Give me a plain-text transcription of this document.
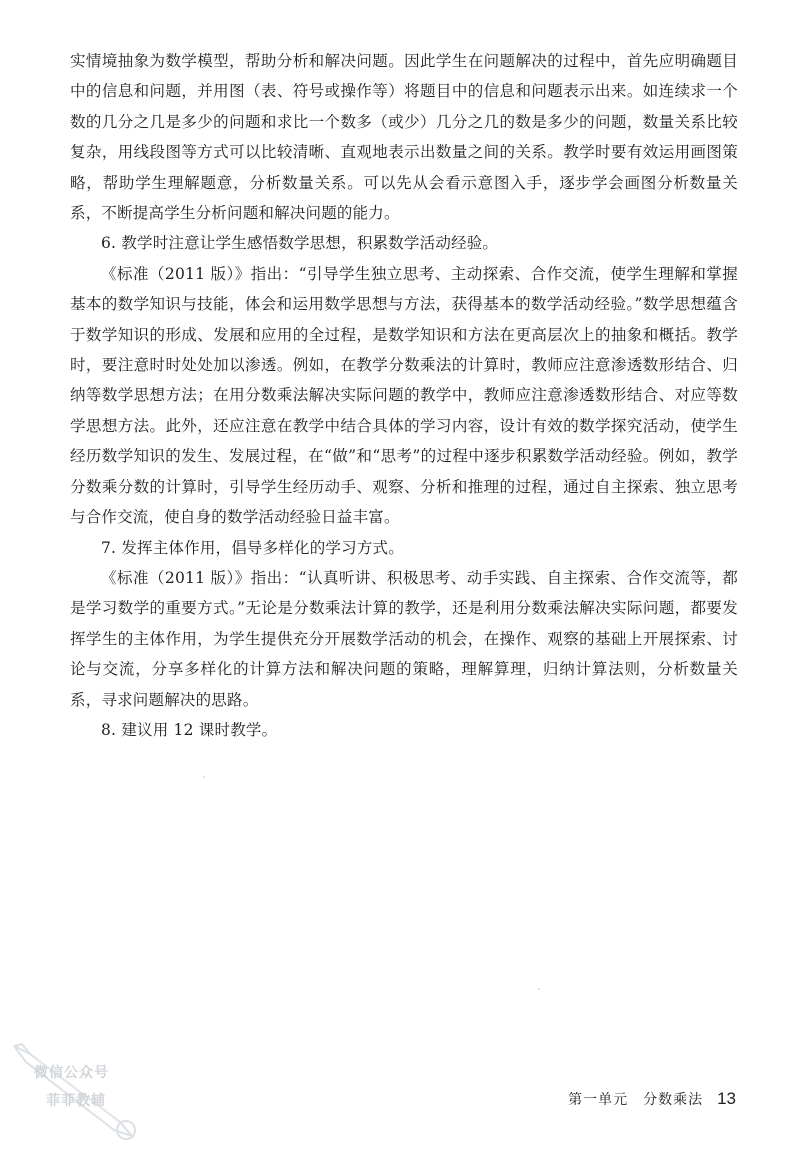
实情境抽象为数学模型，帮助分析和解决问题。因此学生在问题解决的过程中，首先应明确题目中的信息和问题，并用图（表、符号或操作等）将题目中的信息和问题表示出来。如连续求一个数的几分之几是多少的问题和求比一个数多（或少）几分之几的数是多少的问题，数量关系比较复杂，用线段图等方式可以比较清晰、直观地表示出数量之间的关系。教学时要有效运用画图策略，帮助学生理解题意，分析数量关系。可以先从会看示意图入手，逐步学会画图分析数量关系，不断提高学生分析问题和解决问题的能力。

6. 教学时注意让学生感悟数学思想，积累数学活动经验。

《标准（2011 版）》指出：“引导学生独立思考、主动探索、合作交流，使学生理解和掌握基本的数学知识与技能，体会和运用数学思想与方法，获得基本的数学活动经验。”数学思想蕴含于数学知识的形成、发展和应用的全过程，是数学知识和方法在更高层次上的抽象和概括。教学时，要注意时时处处加以渗透。例如，在教学分数乘法的计算时，教师应注意渗透数形结合、归纳等数学思想方法；在用分数乘法解决实际问题的教学中，教师应注意渗透数形结合、对应等数学思想方法。此外，还应注意在教学中结合具体的学习内容，设计有效的数学探究活动，使学生经历数学知识的发生、发展过程，在“做”和“思考”的过程中逐步积累数学活动经验。例如，教学分数乘分数的计算时，引导学生经历动手、观察、分析和推理的过程，通过自主探索、独立思考与合作交流，使自身的数学活动经验日益丰富。

7. 发挥主体作用，倡导多样化的学习方式。

《标准（2011 版）》指出：“认真听讲、积极思考、动手实践、自主探索、合作交流等，都是学习数学的重要方式。”无论是分数乘法计算的教学，还是利用分数乘法解决实际问题，都要发挥学生的主体作用，为学生提供充分开展数学活动的机会，在操作、观察的基础上开展探索、讨论与交流，分享多样化的计算方法和解决问题的策略，理解算理，归纳计算法则，分析数量关系，寻求问题解决的思路。

8. 建议用 12 课时教学。

微信公众号
菲菲教辅	第一单元　分数乘法 13
